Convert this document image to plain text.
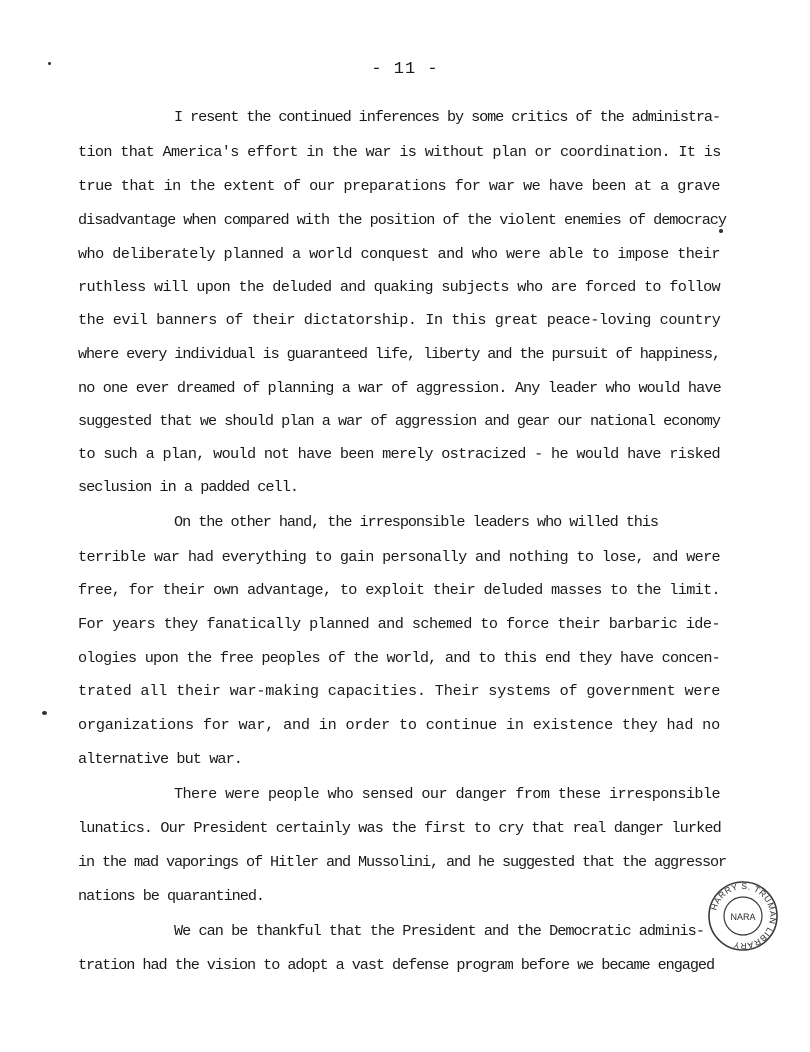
- 11 -
I resent the continued inferences by some critics of the administra-
tion that America's effort in the war is without plan or coordination. It is
true that in the extent of our preparations for war we have been at a grave
disadvantage when compared with the position of the violent enemies of democracy
who deliberately planned a world conquest and who were able to impose their
ruthless will upon the deluded and quaking subjects who are forced to follow
the evil banners of their dictatorship. In this great peace-loving country
where every individual is guaranteed life, liberty and the pursuit of happiness,
no one ever dreamed of planning a war of aggression. Any leader who would have
suggested that we should plan a war of aggression and gear our national economy
to such a plan, would not have been merely ostracized - he would have risked
seclusion in a padded cell.
On the other hand, the irresponsible leaders who willed this
terrible war had everything to gain personally and nothing to lose, and were
free, for their own advantage, to exploit their deluded masses to the limit.
For years they fanatically planned and schemed to force their barbaric ide-
ologies upon the free peoples of the world, and to this end they have concen-
trated all their war-making capacities. Their systems of government were
organizations for war, and in order to continue in existence they had no
alternative but war.
There were people who sensed our danger from these irresponsible
lunatics. Our President certainly was the first to cry that real danger lurked
in the mad vaporings of Hitler and Mussolini, and he suggested that the aggressor
nations be quarantined.
We can be thankful that the President and the Democratic adminis-
tration had the vision to adopt a vast defense program before we became engaged
HARRY S. TRUMAN LIBRARY
NARA
